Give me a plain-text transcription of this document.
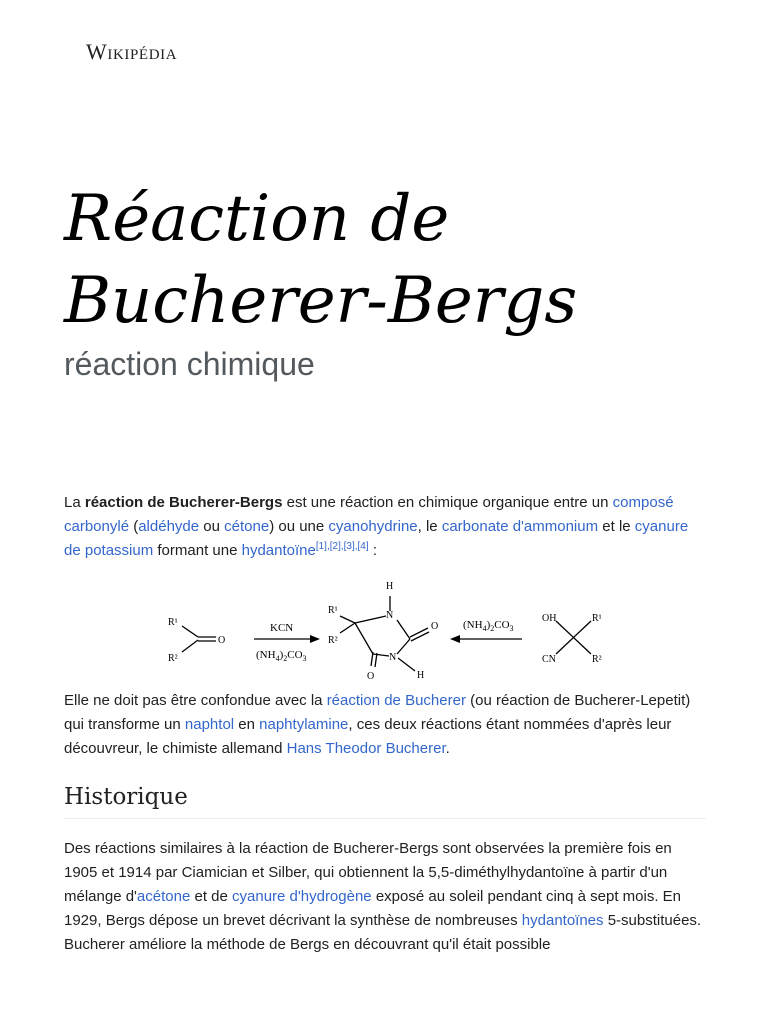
Wikipédia
Réaction de
Bucherer-Bergs
réaction chimique

La réaction de Bucherer-Bergs est une réaction en chimique organique entre un composé carbonylé (aldéhyde ou cétone) ou une cyanohydrine, le carbonate d'ammonium et le cyanure de potassium formant une hydantoïne[1],[2],[3],[4] :

R¹
R²
O
KCN
$(NH_4)_2CO_3$
H
N
N
H
O
O
R¹
R²
$(NH_4)_2CO_3$
OH
CN
R¹
R²

Elle ne doit pas être confondue avec la réaction de Bucherer (ou réaction de Bucherer-Lepetit) qui transforme un naphtol en naphtylamine, ces deux réactions étant nommées d'après leur découvreur, le chimiste allemand Hans Theodor Bucherer.

Historique

Des réactions similaires à la réaction de Bucherer-Bergs sont observées la première fois en 1905 et 1914 par Ciamician et Silber, qui obtiennent la 5,5-diméthylhydantoïne à partir d'un mélange d'acétone et de cyanure d'hydrogène exposé au soleil pendant cinq à sept mois. En 1929, Bergs dépose un brevet décrivant la synthèse de nombreuses hydantoïnes 5-substituées. Bucherer améliore la méthode de Bergs en découvrant qu'il était possible
